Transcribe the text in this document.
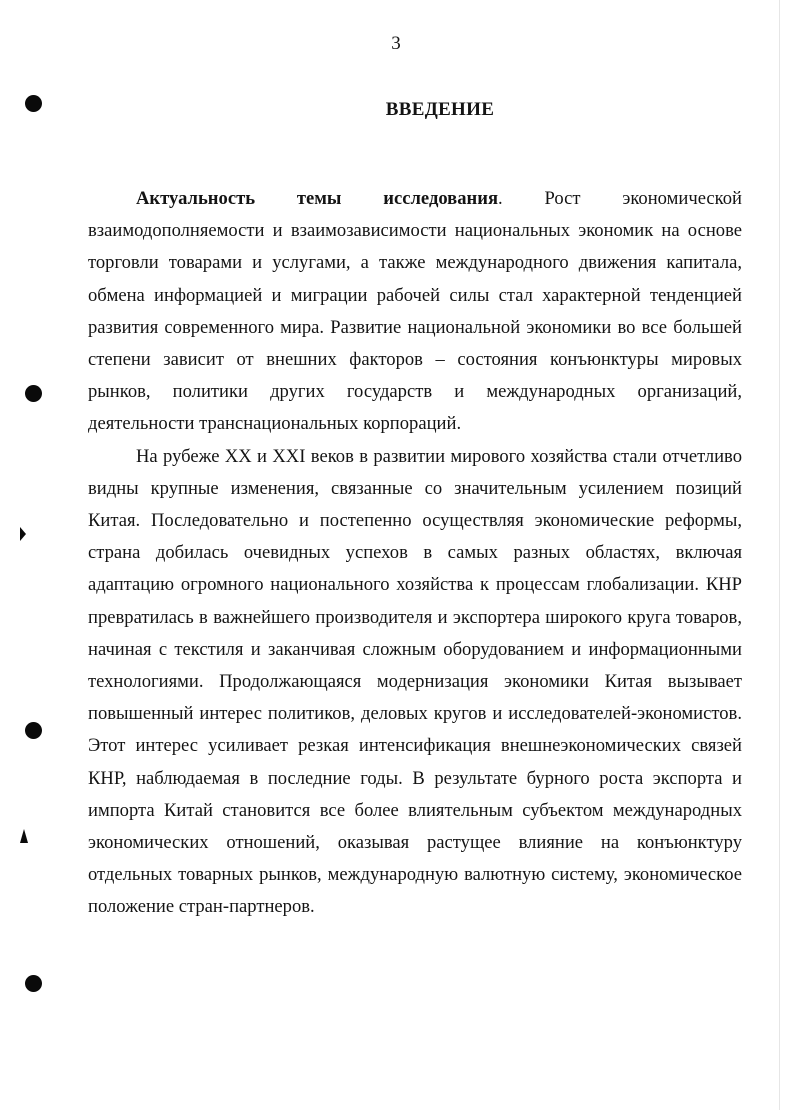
3
ВВЕДЕНИЕ

Актуальность темы исследования. Рост экономической взаимодополняемости и взаимозависимости национальных экономик на основе торговли товарами и услугами, а также международного движения капитала, обмена информацией и миграции рабочей силы стал характерной тенденцией развития современного мира. Развитие национальной экономики во все большей степени зависит от внешних факторов – состояния конъюнктуры мировых рынков, политики других государств и международных организаций, деятельности транснациональных корпораций.

На рубеже XX и XXI веков в развитии мирового хозяйства стали отчетливо видны крупные изменения, связанные со значительным усилением позиций Китая. Последовательно и постепенно осуществляя экономические реформы, страна добилась очевидных успехов в самых разных областях, включая адаптацию огромного национального хозяйства к процессам глобализации. КНР превратилась в важнейшего производителя и экспортера широкого круга товаров, начиная с текстиля и заканчивая сложным оборудованием и информационными технологиями. Продолжающаяся модернизация экономики Китая вызывает повышенный интерес политиков, деловых кругов и исследователей-экономистов. Этот интерес усиливает резкая интенсификация внешнеэкономических связей КНР, наблюдаемая в последние годы. В результате бурного роста экспорта и импорта Китай становится все более влиятельным субъектом международных экономических отношений, оказывая растущее влияние на конъюнктуру отдельных товарных рынков, международную валютную систему, экономическое положение стран-партнеров.
